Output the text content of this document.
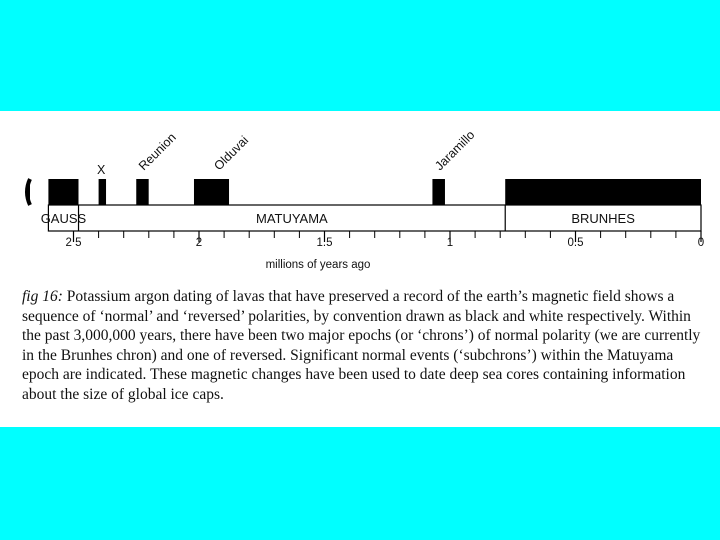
GAUSS	MATUYAMA	BRUNHES
X Reunion	Olduvai	Jaramillo
2 5	2	1.5	1	0.5	0
millions of years ago

fig 16: Potassium argon dating of lavas that have preserved a record of the earth’s magnetic field shows a sequence of ‘normal’ and ‘reversed’ polarities, by convention drawn as black and white respectively. Within the past 3,000,000 years, there have been two major epochs (or ‘chrons’) of normal polarity (we are currently in the Brunhes chron) and one of reversed. Significant normal events (‘subchrons’) within the Matuyama epoch are indicated. These magnetic changes have been used to date deep sea cores containing information about the size of global ice caps.
